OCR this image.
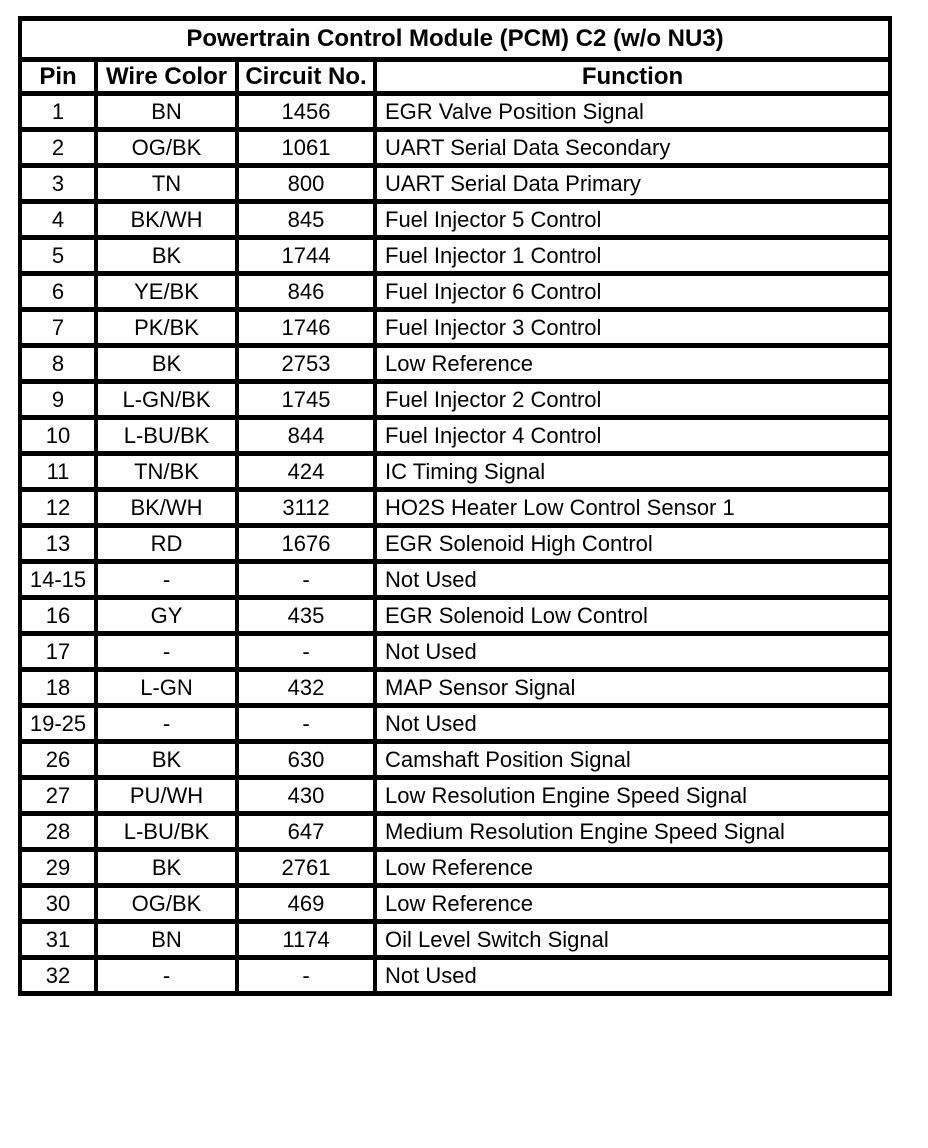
Powertrain Control Module (PCM) C2 (w/o NU3)			
Pin	Wire Color	Circuit No.	Function
1	BN	1456	EGR Valve Position Signal
2	OG/BK	1061	UART Serial Data Secondary
3	TN	800	UART Serial Data Primary
4	BK/WH	845	Fuel Injector 5 Control
5	BK	1744	Fuel Injector 1 Control
6	YE/BK	846	Fuel Injector 6 Control
7	PK/BK	1746	Fuel Injector 3 Control
8	BK	2753	Low Reference
9	L-GN/BK	1745	Fuel Injector 2 Control
10	L-BU/BK	844	Fuel Injector 4 Control
11	TN/BK	424	IC Timing Signal
12	BK/WH	3112	HO2S Heater Low Control Sensor 1
13	RD	1676	EGR Solenoid High Control
14-15	-	-	Not Used
16	GY	435	EGR Solenoid Low Control
17	-	-	Not Used
18	L-GN	432	MAP Sensor Signal
19-25	-	-	Not Used
26	BK	630	Camshaft Position Signal
27	PU/WH	430	Low Resolution Engine Speed Signal
28	L-BU/BK	647	Medium Resolution Engine Speed Signal
29	BK	2761	Low Reference
30	OG/BK	469	Low Reference
31	BN	1174	Oil Level Switch Signal
32	-	-	Not Used
